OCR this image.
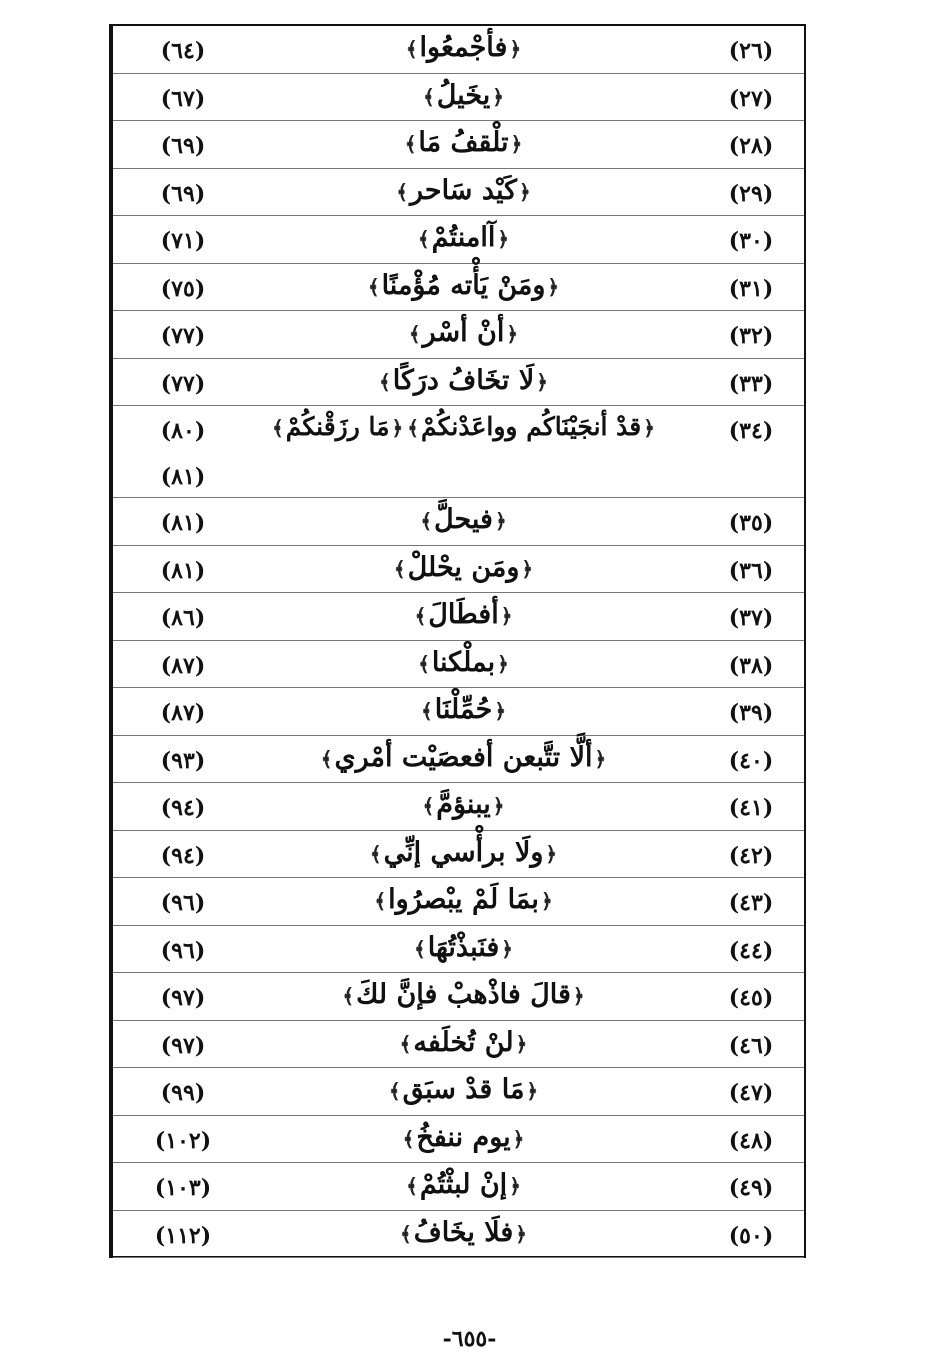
(٢٦)
﴿فأجْمعُوا﴾
(٦٤)
(٢٧)
﴿يخَيلُ﴾
(٦٧)
(٢٨)
﴿تلْقفُ مَا﴾
(٦٩)
(٢٩)
﴿كَيْد سَاحر﴾
(٦٩)
(٣٠)
﴿آامنتُمْ﴾
(٧١)
(٣١)
﴿ومَنْ يَأْته مُؤْمنًا﴾
(٧٥)
(٣٢)
﴿أنْ أسْر﴾
(٧٧)
(٣٣)
﴿لَا تخَافُ درَكًا﴾
(٧٧)
(٣٤)
﴿قدْ أنجَيْنَاكُم وواعَدْنكُمْ﴾﴿مَا رزَقْنكُمْ﴾
(٨٠)
(٨١)
(٣٥)
﴿فيحلَّ﴾
(٨١)
(٣٦)
﴿ومَن يحْللْ﴾
(٨١)
(٣٧)
﴿أفطَالَ﴾
(٨٦)
(٣٨)
﴿بملْكنا﴾
(٨٧)
(٣٩)
﴿حُمِّلْنَا﴾
(٨٧)
(٤٠)
﴿ألَّا تتَّبعن أفعصَيْت أمْري﴾
(٩٣)
(٤١)
﴿يبنؤمَّ﴾
(٩٤)
(٤٢)
﴿ولَا برأْسي إنِّي﴾
(٩٤)
(٤٣)
﴿بمَا لَمْ يبْصرُوا﴾
(٩٦)
(٤٤)
﴿فنَبذْتُهَا﴾
(٩٦)
(٤٥)
﴿قالَ فاذْهبْ فإنَّ لكَ﴾
(٩٧)
(٤٦)
﴿لنْ تُخلَفه﴾
(٩٧)
(٤٧)
﴿مَا قدْ سبَق﴾
(٩٩)
(٤٨)
﴿يوم ننفخُ﴾
(١٠٢)
(٤٩)
﴿إنْ لبثْتُمْ﴾
(١٠٣)
(٥٠)
﴿فلَا يخَافُ﴾
(١١٢)
-٦٥٥-
